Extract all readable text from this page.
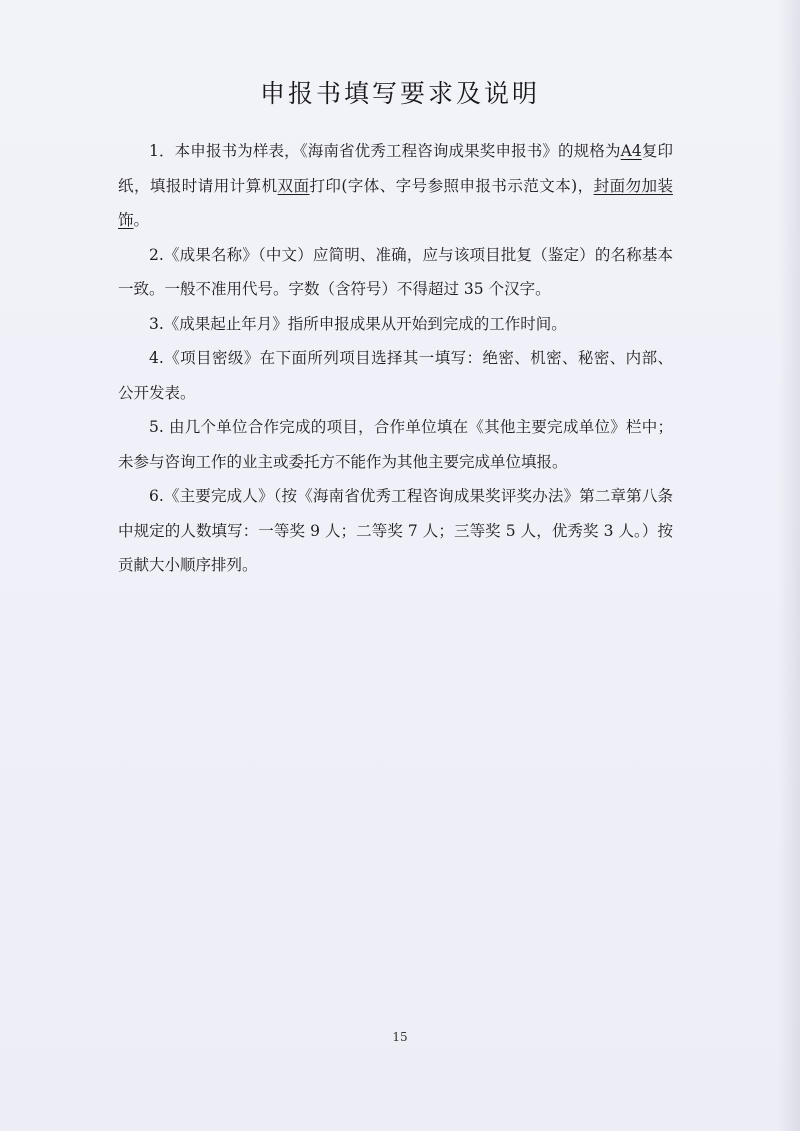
申报书填写要求及说明

1．本申报书为样表，《海南省优秀工程咨询成果奖申报书》的规格为A4复印纸，填报时请用计算机双面打印(字体、字号参照申报书示范文本)，封面勿加装饰。

2.《成果名称》（中文）应简明、准确，应与该项目批复（鉴定）的名称基本一致。一般不准用代号。字数（含符号）不得超过 35 个汉字。

3.《成果起止年月》指所申报成果从开始到完成的工作时间。

4.《项目密级》在下面所列项目选择其一填写：绝密、机密、秘密、内部、公开发表。

5. 由几个单位合作完成的项目，合作单位填在《其他主要完成单位》栏中；未参与咨询工作的业主或委托方不能作为其他主要完成单位填报。

6.《主要完成人》（按《海南省优秀工程咨询成果奖评奖办法》第二章第八条中规定的人数填写：一等奖 9 人；二等奖 7 人；三等奖 5 人，优秀奖 3 人。）按贡献大小顺序排列。

15
